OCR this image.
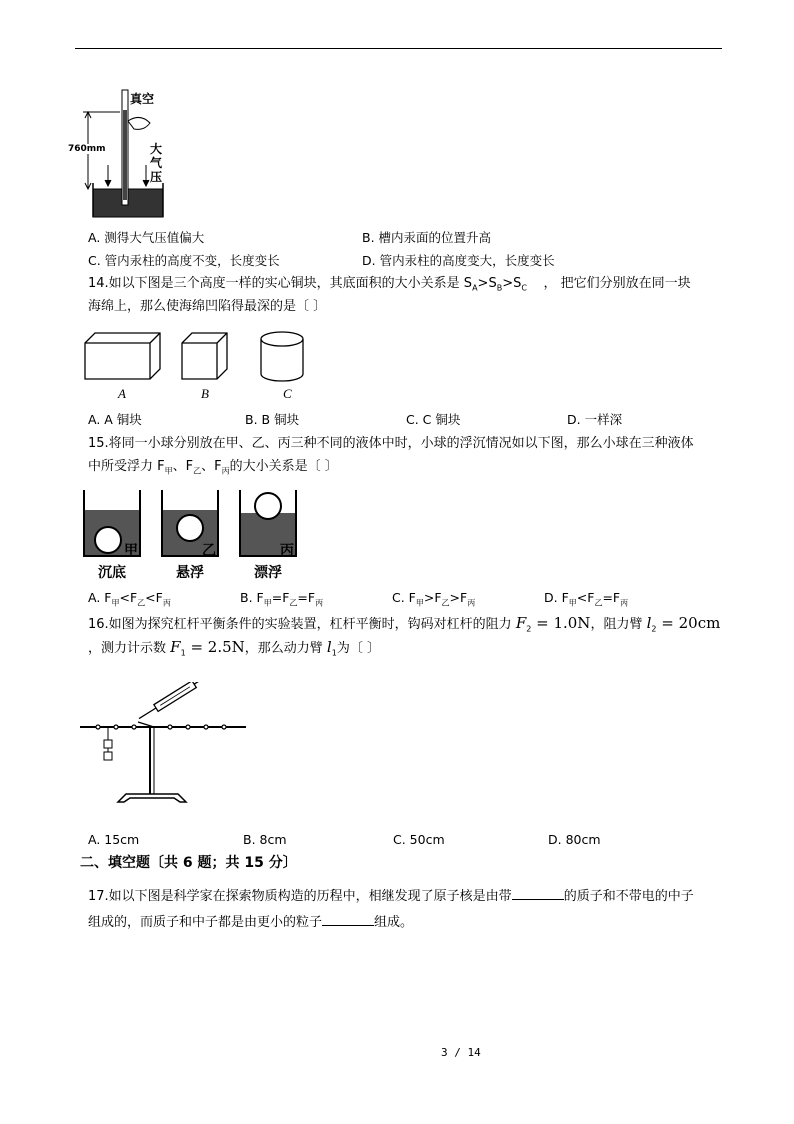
真空
760mm	大
气
压
A. 测得大气压值偏大	B. 槽内汞面的位置升高
C. 管内汞柱的高度不变，长度变长	D. 管内汞柱的高度变大，长度变长
14.如以下图是三个高度一样的实心铜块，其底面积的大小关系是 $S_A>S_B>S_C$ ， 把它们分别放在同一块
海绵上，那么使海绵凹陷得最深的是〔 〕
A	B	C
A. A 铜块	B. B 铜块	C. C 铜块	D. 一样深
15.将同一小球分别放在甲、乙、丙三种不同的液体中时，小球的浮沉情况如以下图，那么小球在三种液体
中所受浮力 $F_甲$、$F_乙$、$F_丙$的大小关系是〔 〕
甲	乙	丙
沉底	悬浮	漂浮
A. $F_甲<F_乙<F_丙$	B. $F_甲=F_乙=F_丙$	C. $F_甲>F_乙>F_丙$	D. $F_甲<F_乙=F_丙$
16.如图为探究杠杆平衡条件的实验装置，杠杆平衡时，钩码对杠杆的阻力 $F_2 = 1.0N$，阻力臂 $l_2 = 20cm$
，测力计示数 $F_1 = 2.5N$，那么动力臂 $l_1$为〔 〕
A. 15cm	B. 8cm	C. 50cm	D. 80cm
二、填空题〔共 6 题；共 15 分〕
17.如以下图是科学家在探索物质构造的历程中，相继发现了原子核是由带	的质子和不带电的中子
组成的，而质子和中子都是由更小的粒子	组成。
3 / 14
